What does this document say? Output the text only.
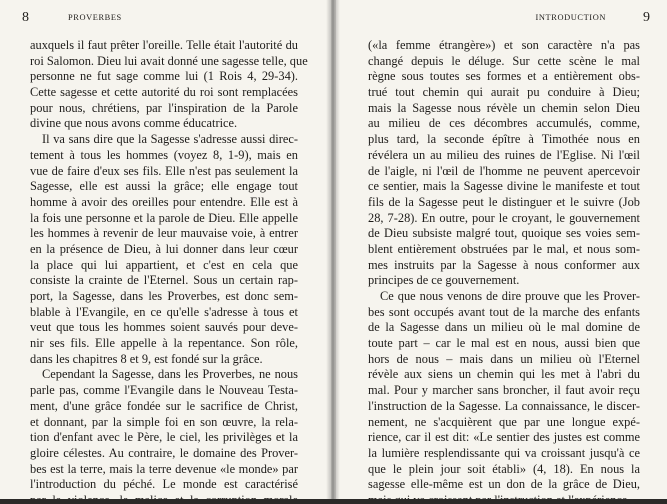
8	PROVERBES
auxquels il faut prêter l'oreille. Telle était l'autorité du
roi Salomon. Dieu lui avait donné une sagesse telle, que
personne ne fut sage comme lui (1 Rois 4, 29-34).
Cette sagesse et cette autorité du roi sont remplacées
pour nous, chrétiens, par l'inspiration de la Parole
divine que nous avons comme éducatrice.
Il va sans dire que la Sagesse s'adresse aussi direc-
tement à tous les hommes (voyez 8, 1-9), mais en
vue de faire d'eux ses fils. Elle n'est pas seulement la
Sagesse, elle est aussi la grâce; elle engage tout
homme à avoir des oreilles pour entendre. Elle est à
la fois une personne et la parole de Dieu. Elle appelle
les hommes à revenir de leur mauvaise voie, à entrer
en la présence de Dieu, à lui donner dans leur cœur
la place qui lui appartient, et c'est en cela que
consiste la crainte de l'Eternel. Sous un certain rap-
port, la Sagesse, dans les Proverbes, est donc sem-
blable à l'Evangile, en ce qu'elle s'adresse à tous et
veut que tous les hommes soient sauvés pour deve-
nir ses fils. Elle appelle à la repentance. Son rôle,
dans les chapitres 8 et 9, est fondé sur la grâce.
Cependant la Sagesse, dans les Proverbes, ne nous
parle pas, comme l'Evangile dans le Nouveau Testa-
ment, d'une grâce fondée sur le sacrifice de Christ,
et donnant, par la simple foi en son œuvre, la rela-
tion d'enfant avec le Père, le ciel, les privilèges et la
gloire célestes. Au contraire, le domaine des Prover-
bes est la terre, mais la terre devenue «le monde» par
l'introduction du péché. Le monde est caractérisé
INTRODUCTION	9
(«la femme étrangère») et son caractère n'a pas
changé depuis le déluge. Sur cette scène le mal
règne sous toutes ses formes et a entièrement obs-
trué tout chemin qui aurait pu conduire à Dieu;
mais la Sagesse nous révèle un chemin selon Dieu
au milieu de ces décombres accumulés, comme,
plus tard, la seconde épître à Timothée nous en
révélera un au milieu des ruines de l'Eglise. Ni l'œil
de l'aigle, ni l'œil de l'homme ne peuvent apercevoir
ce sentier, mais la Sagesse divine le manifeste et tout
fils de la Sagesse peut le distinguer et le suivre (Job
28, 7-28). En outre, pour le croyant, le gouvernement
de Dieu subsiste malgré tout, quoique ses voies sem-
blent entièrement obstruées par le mal, et nous som-
mes instruits par la Sagesse à nous conformer aux
principes de ce gouvernement.
Ce que nous venons de dire prouve que les Prover-
bes sont occupés avant tout de la marche des enfants
de la Sagesse dans un milieu où le mal domine de
toute part – car le mal est en nous, aussi bien que
hors de nous – mais dans un milieu où l'Eternel
révèle aux siens un chemin qui les met à l'abri du
mal. Pour y marcher sans broncher, il faut avoir reçu
l'instruction de la Sagesse. La connaissance, le discer-
nement, ne s'acquièrent que par une longue expé-
rience, car il est dit: «Le sentier des justes est comme
la lumière resplendissante qui va croissant jusqu'à ce
que le plein jour soit établi» (4, 18). En nous la
sagesse elle-même est un don de la grâce de Dieu,
